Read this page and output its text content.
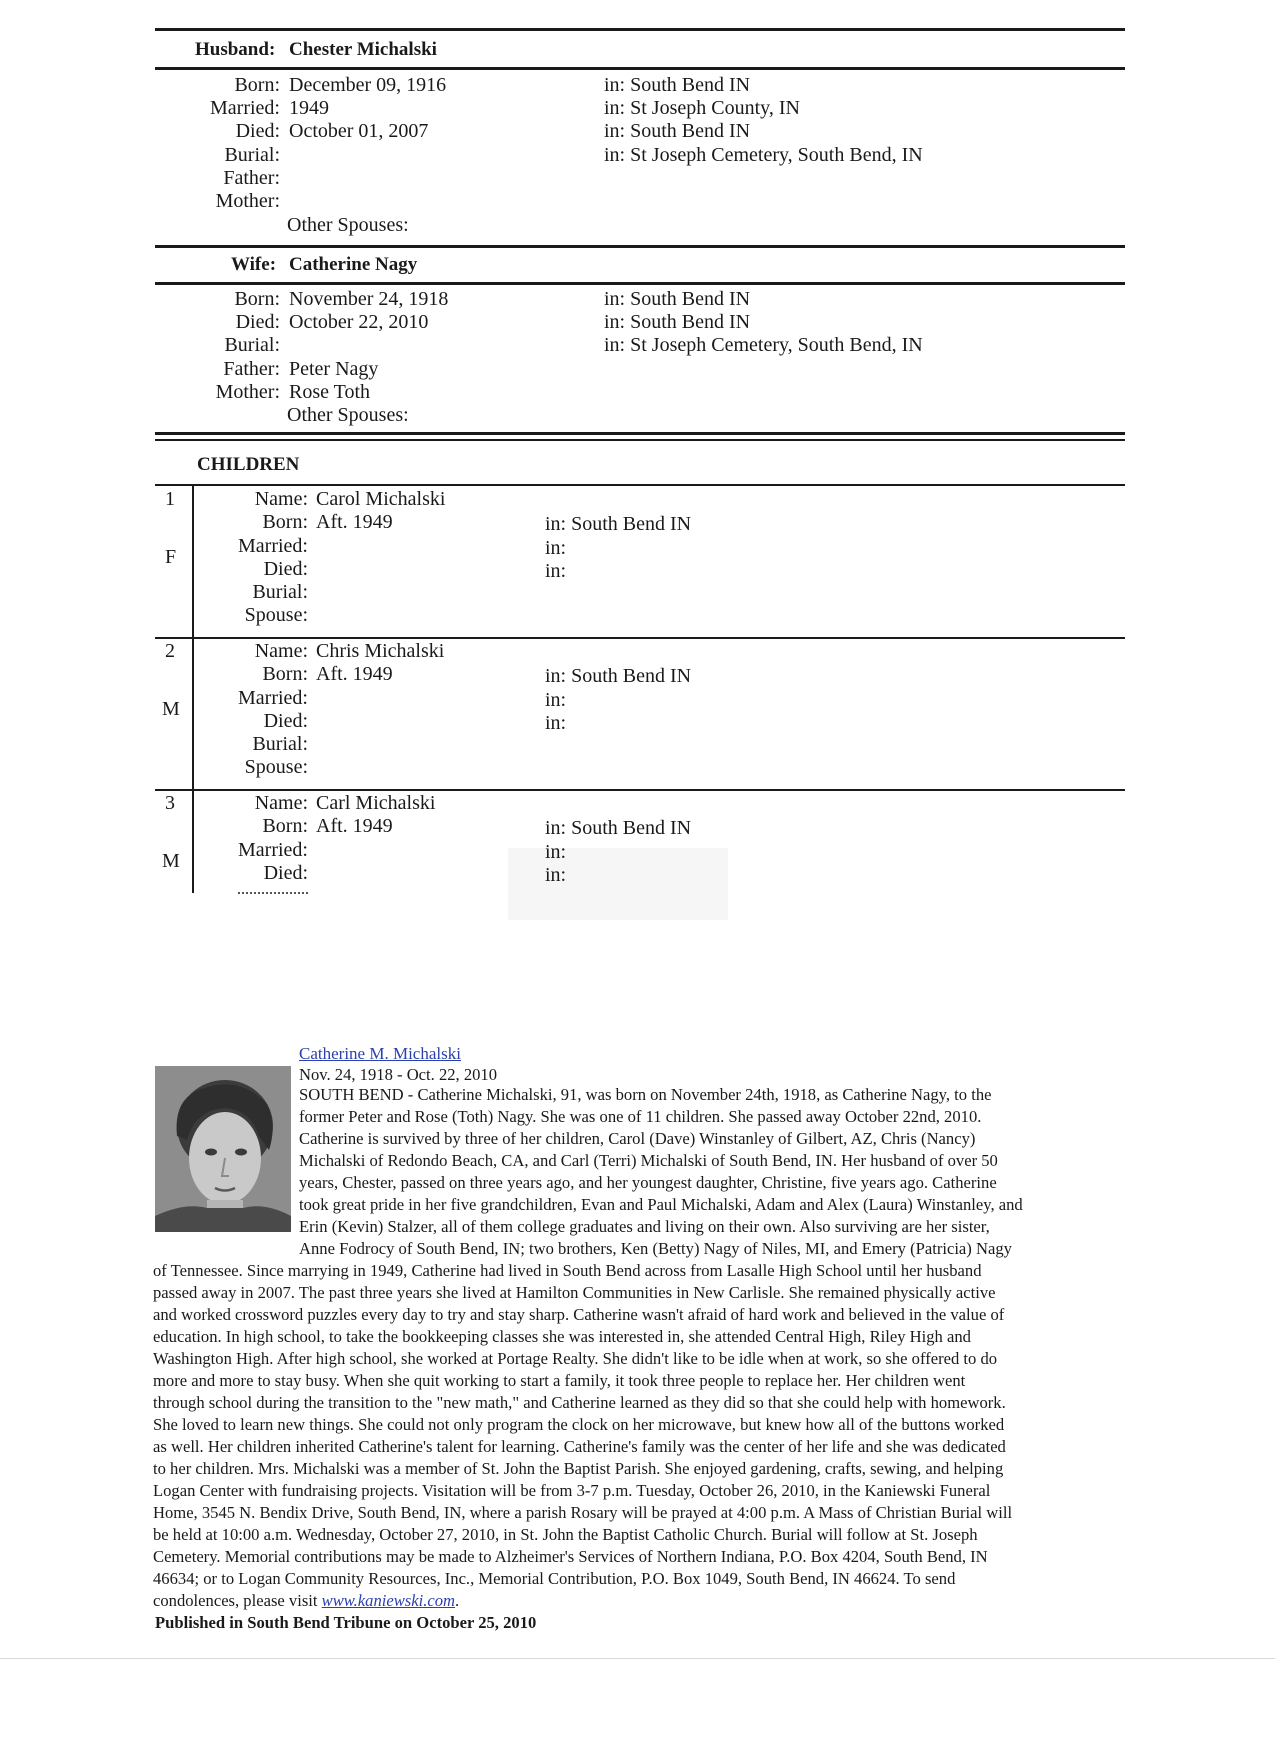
Husband: Chester Michalski
Born: December 09, 1916	in: South Bend IN
Married: 1949	in: St Joseph County, IN
Died: October 01, 2007	in: South Bend IN
Burial:	in: St Joseph Cemetery, South Bend, IN
Father:
Mother:
Other Spouses:
Wife: Catherine Nagy
Born: November 24, 1918	in: South Bend IN
Died: October 22, 2010	in: South Bend IN
Burial:	in: St Joseph Cemetery, South Bend, IN
Father: Peter Nagy
Mother: Rose Toth
Other Spouses:
CHILDREN
1
F
Name: Carol Michalski
Born: Aft. 1949	in: South Bend IN
Married:	in:
Died:	in:
Burial:
Spouse:
2
M
Name: Chris Michalski
Born: Aft. 1949	in: South Bend IN
Married:	in:
Died:	in:
Burial:
Spouse:
3
M
Name: Carl Michalski
Born: Aft. 1949	in: South Bend IN
Married:	in:
Died:	in:
Catherine M. Michalski
Nov. 24, 1918 - Oct. 22, 2010
SOUTH BEND - Catherine Michalski, 91, was born on November 24th, 1918, as Catherine Nagy, to the
former Peter and Rose (Toth) Nagy. She was one of 11 children. She passed away October 22nd, 2010.
Catherine is survived by three of her children, Carol (Dave) Winstanley of Gilbert, AZ, Chris (Nancy)
Michalski of Redondo Beach, CA, and Carl (Terri) Michalski of South Bend, IN. Her husband of over 50
years, Chester, passed on three years ago, and her youngest daughter, Christine, five years ago. Catherine
took great pride in her five grandchildren, Evan and Paul Michalski, Adam and Alex (Laura) Winstanley, and
Erin (Kevin) Stalzer, all of them college graduates and living on their own. Also surviving are her sister,
Anne Fodrocy of South Bend, IN; two brothers, Ken (Betty) Nagy of Niles, MI, and Emery (Patricia) Nagy
of Tennessee. Since marrying in 1949, Catherine had lived in South Bend across from Lasalle High School until her husband
passed away in 2007. The past three years she lived at Hamilton Communities in New Carlisle. She remained physically active
and worked crossword puzzles every day to try and stay sharp. Catherine wasn't afraid of hard work and believed in the value of
education. In high school, to take the bookkeeping classes she was interested in, she attended Central High, Riley High and
Washington High. After high school, she worked at Portage Realty. She didn't like to be idle when at work, so she offered to do
more and more to stay busy. When she quit working to start a family, it took three people to replace her. Her children went
through school during the transition to the "new math," and Catherine learned as they did so that she could help with homework.
She loved to learn new things. She could not only program the clock on her microwave, but knew how all of the buttons worked
as well. Her children inherited Catherine's talent for learning. Catherine's family was the center of her life and she was dedicated
to her children. Mrs. Michalski was a member of St. John the Baptist Parish. She enjoyed gardening, crafts, sewing, and helping
Logan Center with fundraising projects. Visitation will be from 3-7 p.m. Tuesday, October 26, 2010, in the Kaniewski Funeral
Home, 3545 N. Bendix Drive, South Bend, IN, where a parish Rosary will be prayed at 4:00 p.m. A Mass of Christian Burial will
be held at 10:00 a.m. Wednesday, October 27, 2010, in St. John the Baptist Catholic Church. Burial will follow at St. Joseph
Cemetery. Memorial contributions may be made to Alzheimer's Services of Northern Indiana, P.O. Box 4204, South Bend, IN
46634; or to Logan Community Resources, Inc., Memorial Contribution, P.O. Box 1049, South Bend, IN 46624. To send
condolences, please visit www.kaniewski.com.
Published in South Bend Tribune on October 25, 2010
